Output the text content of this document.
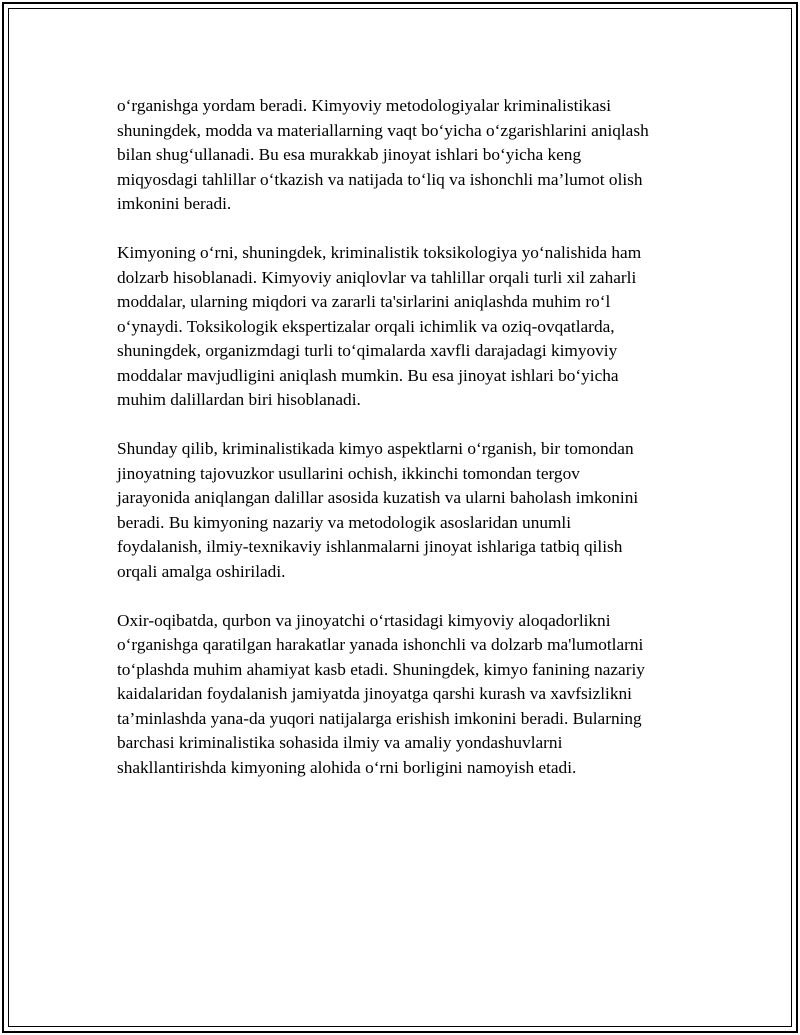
o‘rganishga yordam beradi. Kimyoviy metodologiyalar kriminalistikasi
shuningdek, modda va materiallarning vaqt bo‘yicha o‘zgarishlarini aniqlash
bilan shug‘ullanadi. Bu esa murakkab jinoyat ishlari bo‘yicha keng
miqyosdagi tahlillar o‘tkazish va natijada to‘liq va ishonchli ma’lumot olish
imkonini beradi.

Kimyoning o‘rni, shuningdek, kriminalistik toksikologiya yo‘nalishida ham
dolzarb hisoblanadi. Kimyoviy aniqlovlar va tahlillar orqali turli xil zaharli
moddalar, ularning miqdori va zararli ta'sirlarini aniqlashda muhim ro‘l
o‘ynaydi. Toksikologik ekspertizalar orqali ichimlik va oziq-ovqatlarda,
shuningdek, organizmdagi turli to‘qimalarda xavfli darajadagi kimyoviy
moddalar mavjudligini aniqlash mumkin. Bu esa jinoyat ishlari bo‘yicha
muhim dalillardan biri hisoblanadi.

Shunday qilib, kriminalistikada kimyo aspektlarni o‘rganish, bir tomondan
jinoyatning tajovuzkor usullarini ochish, ikkinchi tomondan tergov
jarayonida aniqlangan dalillar asosida kuzatish va ularni baholash imkonini
beradi. Bu kimyoning nazariy va metodologik asoslaridan unumli
foydalanish, ilmiy-texnikaviy ishlanmalarni jinoyat ishlariga tatbiq qilish
orqali amalga oshiriladi.

Oxir-oqibatda, qurbon va jinoyatchi o‘rtasidagi kimyoviy aloqadorlikni
o‘rganishga qaratilgan harakatlar yanada ishonchli va dolzarb ma'lumotlarni
to‘plashda muhim ahamiyat kasb etadi. Shuningdek, kimyo fanining nazariy
kaidalaridan foydalanish jamiyatda jinoyatga qarshi kurash va xavfsizlikni
ta’minlashda yana-da yuqori natijalarga erishish imkonini beradi. Bularning
barchasi kriminalistika sohasida ilmiy va amaliy yondashuvlarni
shakllantirishda kimyoning alohida o‘rni borligini namoyish etadi.
